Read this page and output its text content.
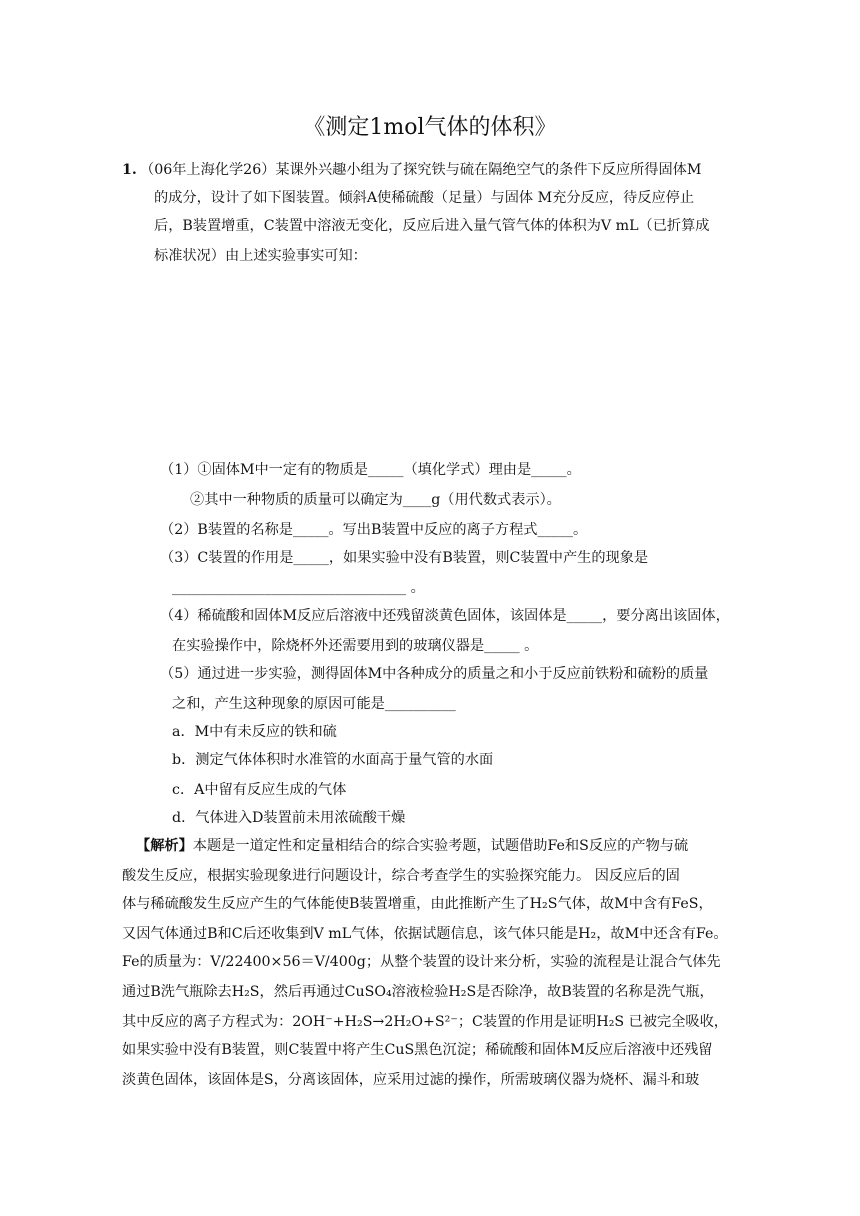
《测定1mol气体的体积》
1. （06年上海化学26）某课外兴趣小组为了探究铁与硫在隔绝空气的条件下反应所得固体M
的成分，设计了如下图装置。倾斜A使稀硫酸（足量）与固体 M充分反应，待反应停止
后，B装置增重，C装置中溶液无变化，反应后进入量气管气体的体积为V mL（已折算成
标准状况）由上述实验事实可知：
（1）①固体M中一定有的物质是_____（填化学式）理由是_____。
②其中一种物质的质量可以确定为____g（用代数式表示）。
（2）B装置的名称是_____。写出B装置中反应的离子方程式_____。
（3）C装置的作用是_____，如果实验中没有B装置，则C装置中产生的现象是
_________________________________ 。
（4）稀硫酸和固体M反应后溶液中还残留淡黄色固体，该固体是_____，要分离出该固体，
在实验操作中，除烧杯外还需要用到的玻璃仪器是_____ 。
（5）通过进一步实验，测得固体M中各种成分的质量之和小于反应前铁粉和硫粉的质量
之和，产生这种现象的原因可能是__________
a．M中有未反应的铁和硫
b．测定气体体积时水准管的水面高于量气管的水面
c．A中留有反应生成的气体
d．气体进入D装置前未用浓硫酸干燥
【解析】本题是一道定性和定量相结合的综合实验考题，试题借助Fe和S反应的产物与硫
酸发生反应，根据实验现象进行问题设计，综合考查学生的实验探究能力。 因反应后的固
体与稀硫酸发生反应产生的气体能使B装置增重，由此推断产生了H₂S气体，故M中含有FeS，
又因气体通过B和C后还收集到V mL气体，依据试题信息，该气体只能是H₂，故M中还含有Fe。
Fe的质量为：V/22400×56＝V/400g；从整个装置的设计来分析，实验的流程是让混合气体先
通过B洗气瓶除去H₂S，然后再通过CuSO₄溶液检验H₂S是否除净，故B装置的名称是洗气瓶，
其中反应的离子方程式为：2OH⁻+H₂S→2H₂O+S²⁻；C装置的作用是证明H₂S 已被完全吸收，
如果实验中没有B装置，则C装置中将产生CuS黑色沉淀；稀硫酸和固体M反应后溶液中还残留
淡黄色固体，该固体是S，分离该固体，应采用过滤的操作，所需玻璃仪器为烧杯、漏斗和玻
